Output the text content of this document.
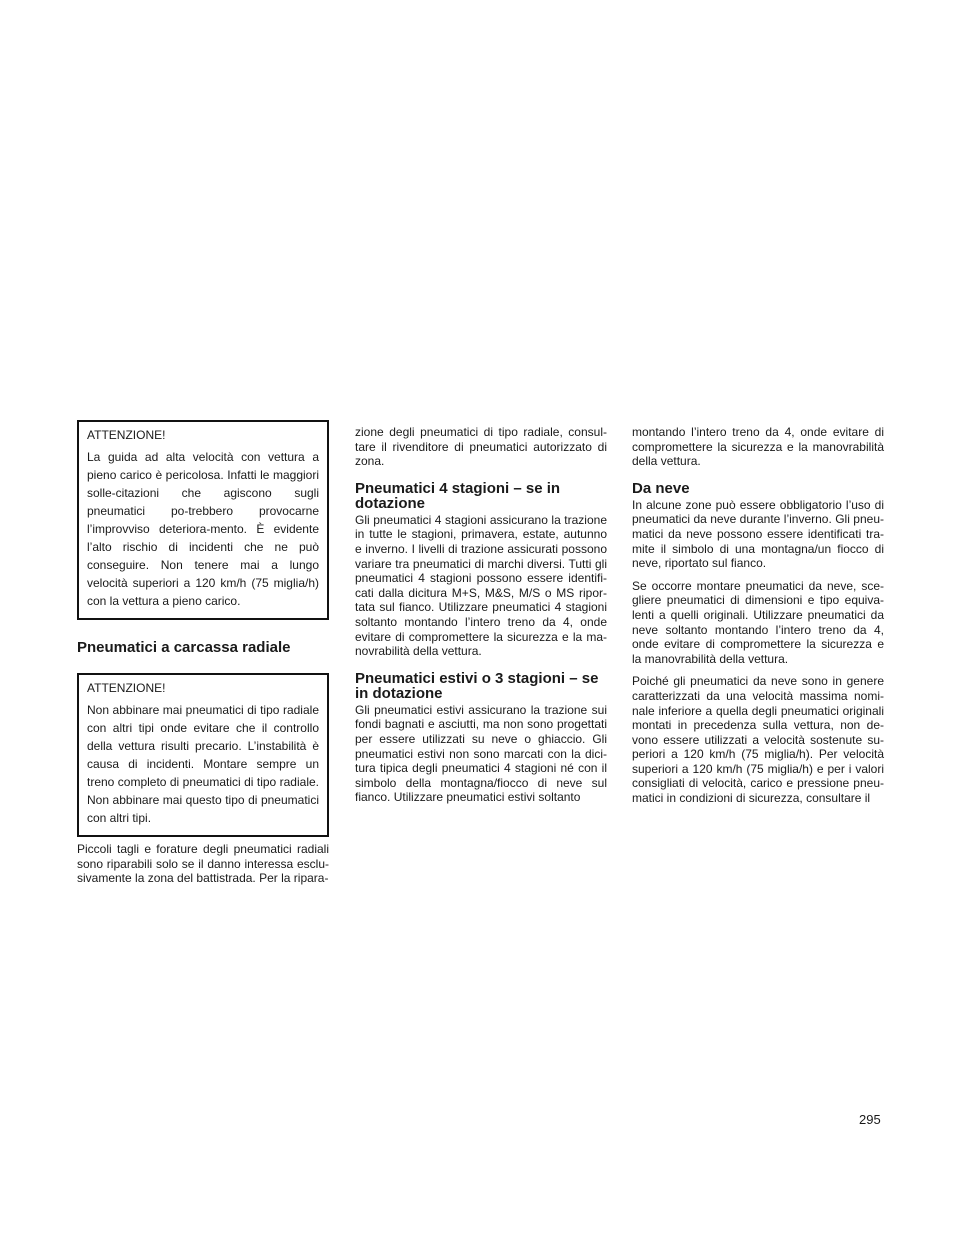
ATTENZIONE!

La guida ad alta velocità con vettura a pieno carico è pericolosa. Infatti le maggiori solle-citazioni che agiscono sugli pneumatici po-trebbero provocarne l’improvviso deteriora-mento. È evidente l’alto rischio di incidenti che ne può conseguire. Non tenere mai a lungo velocità superiori a 120 km/h (75 miglia/h) con la vettura a pieno carico.

Pneumatici a carcassa radiale

ATTENZIONE!

Non abbinare mai pneumatici di tipo radiale con altri tipi onde evitare che il controllo della vettura risulti precario. L’instabilità è causa di incidenti. Montare sempre un treno completo di pneumatici di tipo radiale. Non abbinare mai questo tipo di pneumatici con altri tipi.

Piccoli tagli e forature degli pneumatici radiali sono riparabili solo se il danno interessa esclu-sivamente la zona del battistrada. Per la ripara-

zione degli pneumatici di tipo radiale, consul-tare il rivenditore di pneumatici autorizzato di zona.

Pneumatici 4 stagioni – se in dotazione

Gli pneumatici 4 stagioni assicurano la trazione in tutte le stagioni, primavera, estate, autunno e inverno. I livelli di trazione assicurati possono variare tra pneumatici di marchi diversi. Tutti gli pneumatici 4 stagioni possono essere identifi-cati dalla dicitura M+S, M&S, M/S o MS ripor-tata sul fianco. Utilizzare pneumatici 4 stagioni soltanto montando l’intero treno da 4, onde evitare di compromettere la sicurezza e la ma-novrabilità della vettura.

Pneumatici estivi o 3 stagioni – se in dotazione

Gli pneumatici estivi assicurano la trazione sui fondi bagnati e asciutti, ma non sono progettati per essere utilizzati su neve o ghiaccio. Gli pneumatici estivi non sono marcati con la dici-tura tipica degli pneumatici 4 stagioni né con il simbolo della montagna/fiocco di neve sul fianco. Utilizzare pneumatici estivi soltanto

montando l’intero treno da 4, onde evitare di compromettere la sicurezza e la manovrabilità della vettura.

Da neve

In alcune zone può essere obbligatorio l’uso di pneumatici da neve durante l’inverno. Gli pneu-matici da neve possono essere identificati tra-mite il simbolo di una montagna/un fiocco di neve, riportato sul fianco.

Se occorre montare pneumatici da neve, sce-gliere pneumatici di dimensioni e tipo equiva-lenti a quelli originali. Utilizzare pneumatici da neve soltanto montando l’intero treno da 4, onde evitare di compromettere la sicurezza e la manovrabilità della vettura.

Poiché gli pneumatici da neve sono in genere caratterizzati da una velocità massima nomi-nale inferiore a quella degli pneumatici originali montati in precedenza sulla vettura, non de-vono essere utilizzati a velocità sostenute su-periori a 120 km/h (75 miglia/h). Per velocità superiori a 120 km/h (75 miglia/h) e per i valori consigliati di velocità, carico e pressione pneu-matici in condizioni di sicurezza, consultare il

295
